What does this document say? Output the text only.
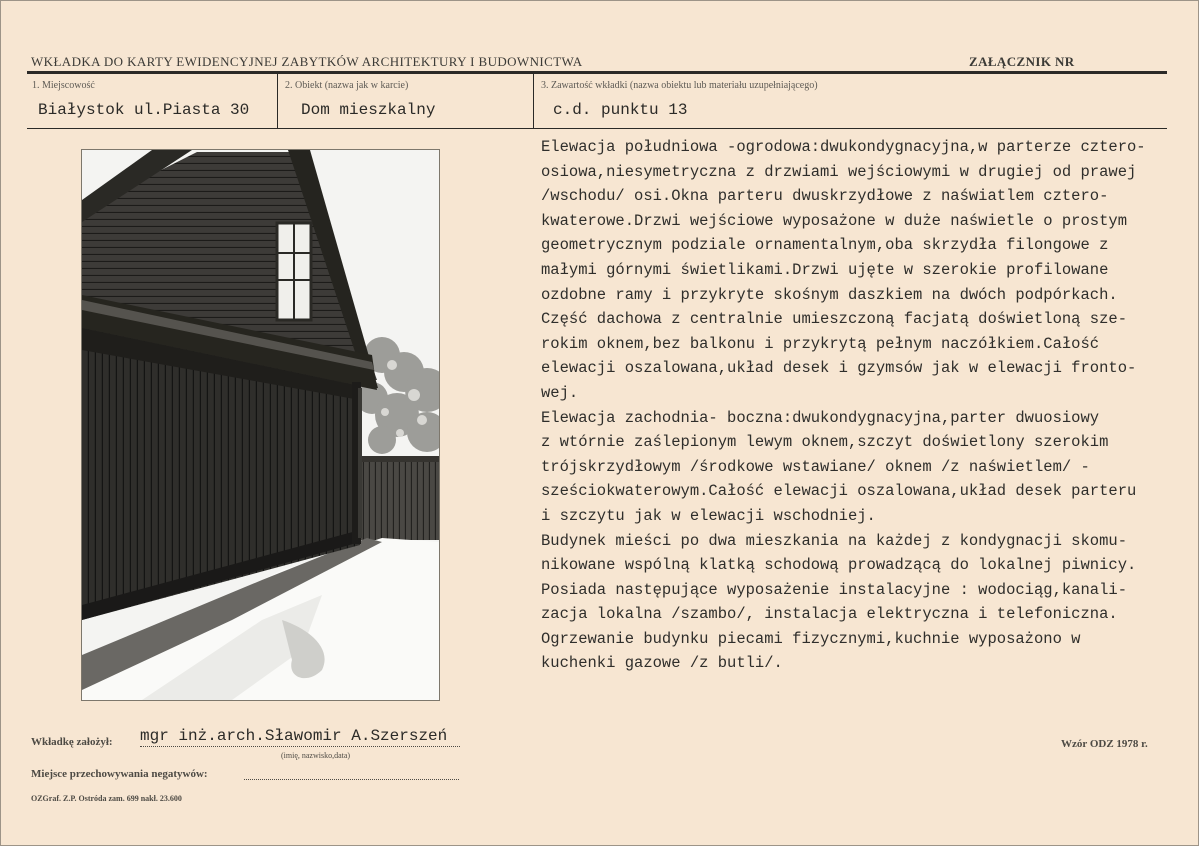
WKŁADKA DO KARTY EWIDENCYJNEJ ZABYTKÓW ARCHITEKTURY I BUDOWNICTWA	ZAŁĄCZNIK NR
1. Miejscowość
Białystok ul.Piasta 30
2. Obiekt (nazwa jak w karcie)
Dom mieszkalny
3. Zawartość wkładki (nazwa obiektu lub materiału uzupełniającego)
c.d. punktu 13
Elewacja południowa -ogrodowa:dwukondygnacyjna,w parterze cztero-
osiowa,niesymetryczna z drzwiami wejściowymi w drugiej od prawej
/wschodu/ osi.Okna parteru dwuskrzydłowe z naświatlem cztero-
kwaterowe.Drzwi wejściowe wyposażone w duże naświetle o prostym
geometrycznym podziale ornamentalnym,oba skrzydła filongowe z
małymi górnymi świetlikami.Drzwi ujęte w szerokie profilowane
ozdobne ramy i przykryte skośnym daszkiem na dwóch podpórkach.
Część dachowa z centralnie umieszczoną facjatą doświetloną sze-
rokim oknem,bez balkonu i przykrytą pełnym naczółkiem.Całość
elewacji oszalowana,układ desek i gzymsów jak w elewacji fronto-
wej.
Elewacja zachodnia- boczna:dwukondygnacyjna,parter dwuosiowy
z wtórnie zaślepionym lewym oknem,szczyt doświetlony szerokim
trójskrzydłowym /środkowe wstawiane/ oknem /z naświetlem/ -
sześciokwaterowym.Całość elewacji oszalowana,układ desek parteru
i szczytu jak w elewacji wschodniej.
Budynek mieści po dwa mieszkania na każdej z kondygnacji skomu-
nikowane wspólną klatką schodową prowadzącą do lokalnej piwnicy.
Posiada następujące wyposażenie instalacyjne : wodociąg,kanali-
zacja lokalna /szambo/, instalacja elektryczna i telefoniczna.
Ogrzewanie budynku piecami fizycznymi,kuchnie wyposażono w
kuchenki gazowe /z butli/.
Wkładkę założył: mgr inż.arch.Sławomir A.Szerszeń
(imię, nazwisko,data)
Miejsce przechowywania negatywów:
OZGraf. Z.P. Ostróda zam. 699 nakł. 23.600
Wzór ODZ 1978 r.
